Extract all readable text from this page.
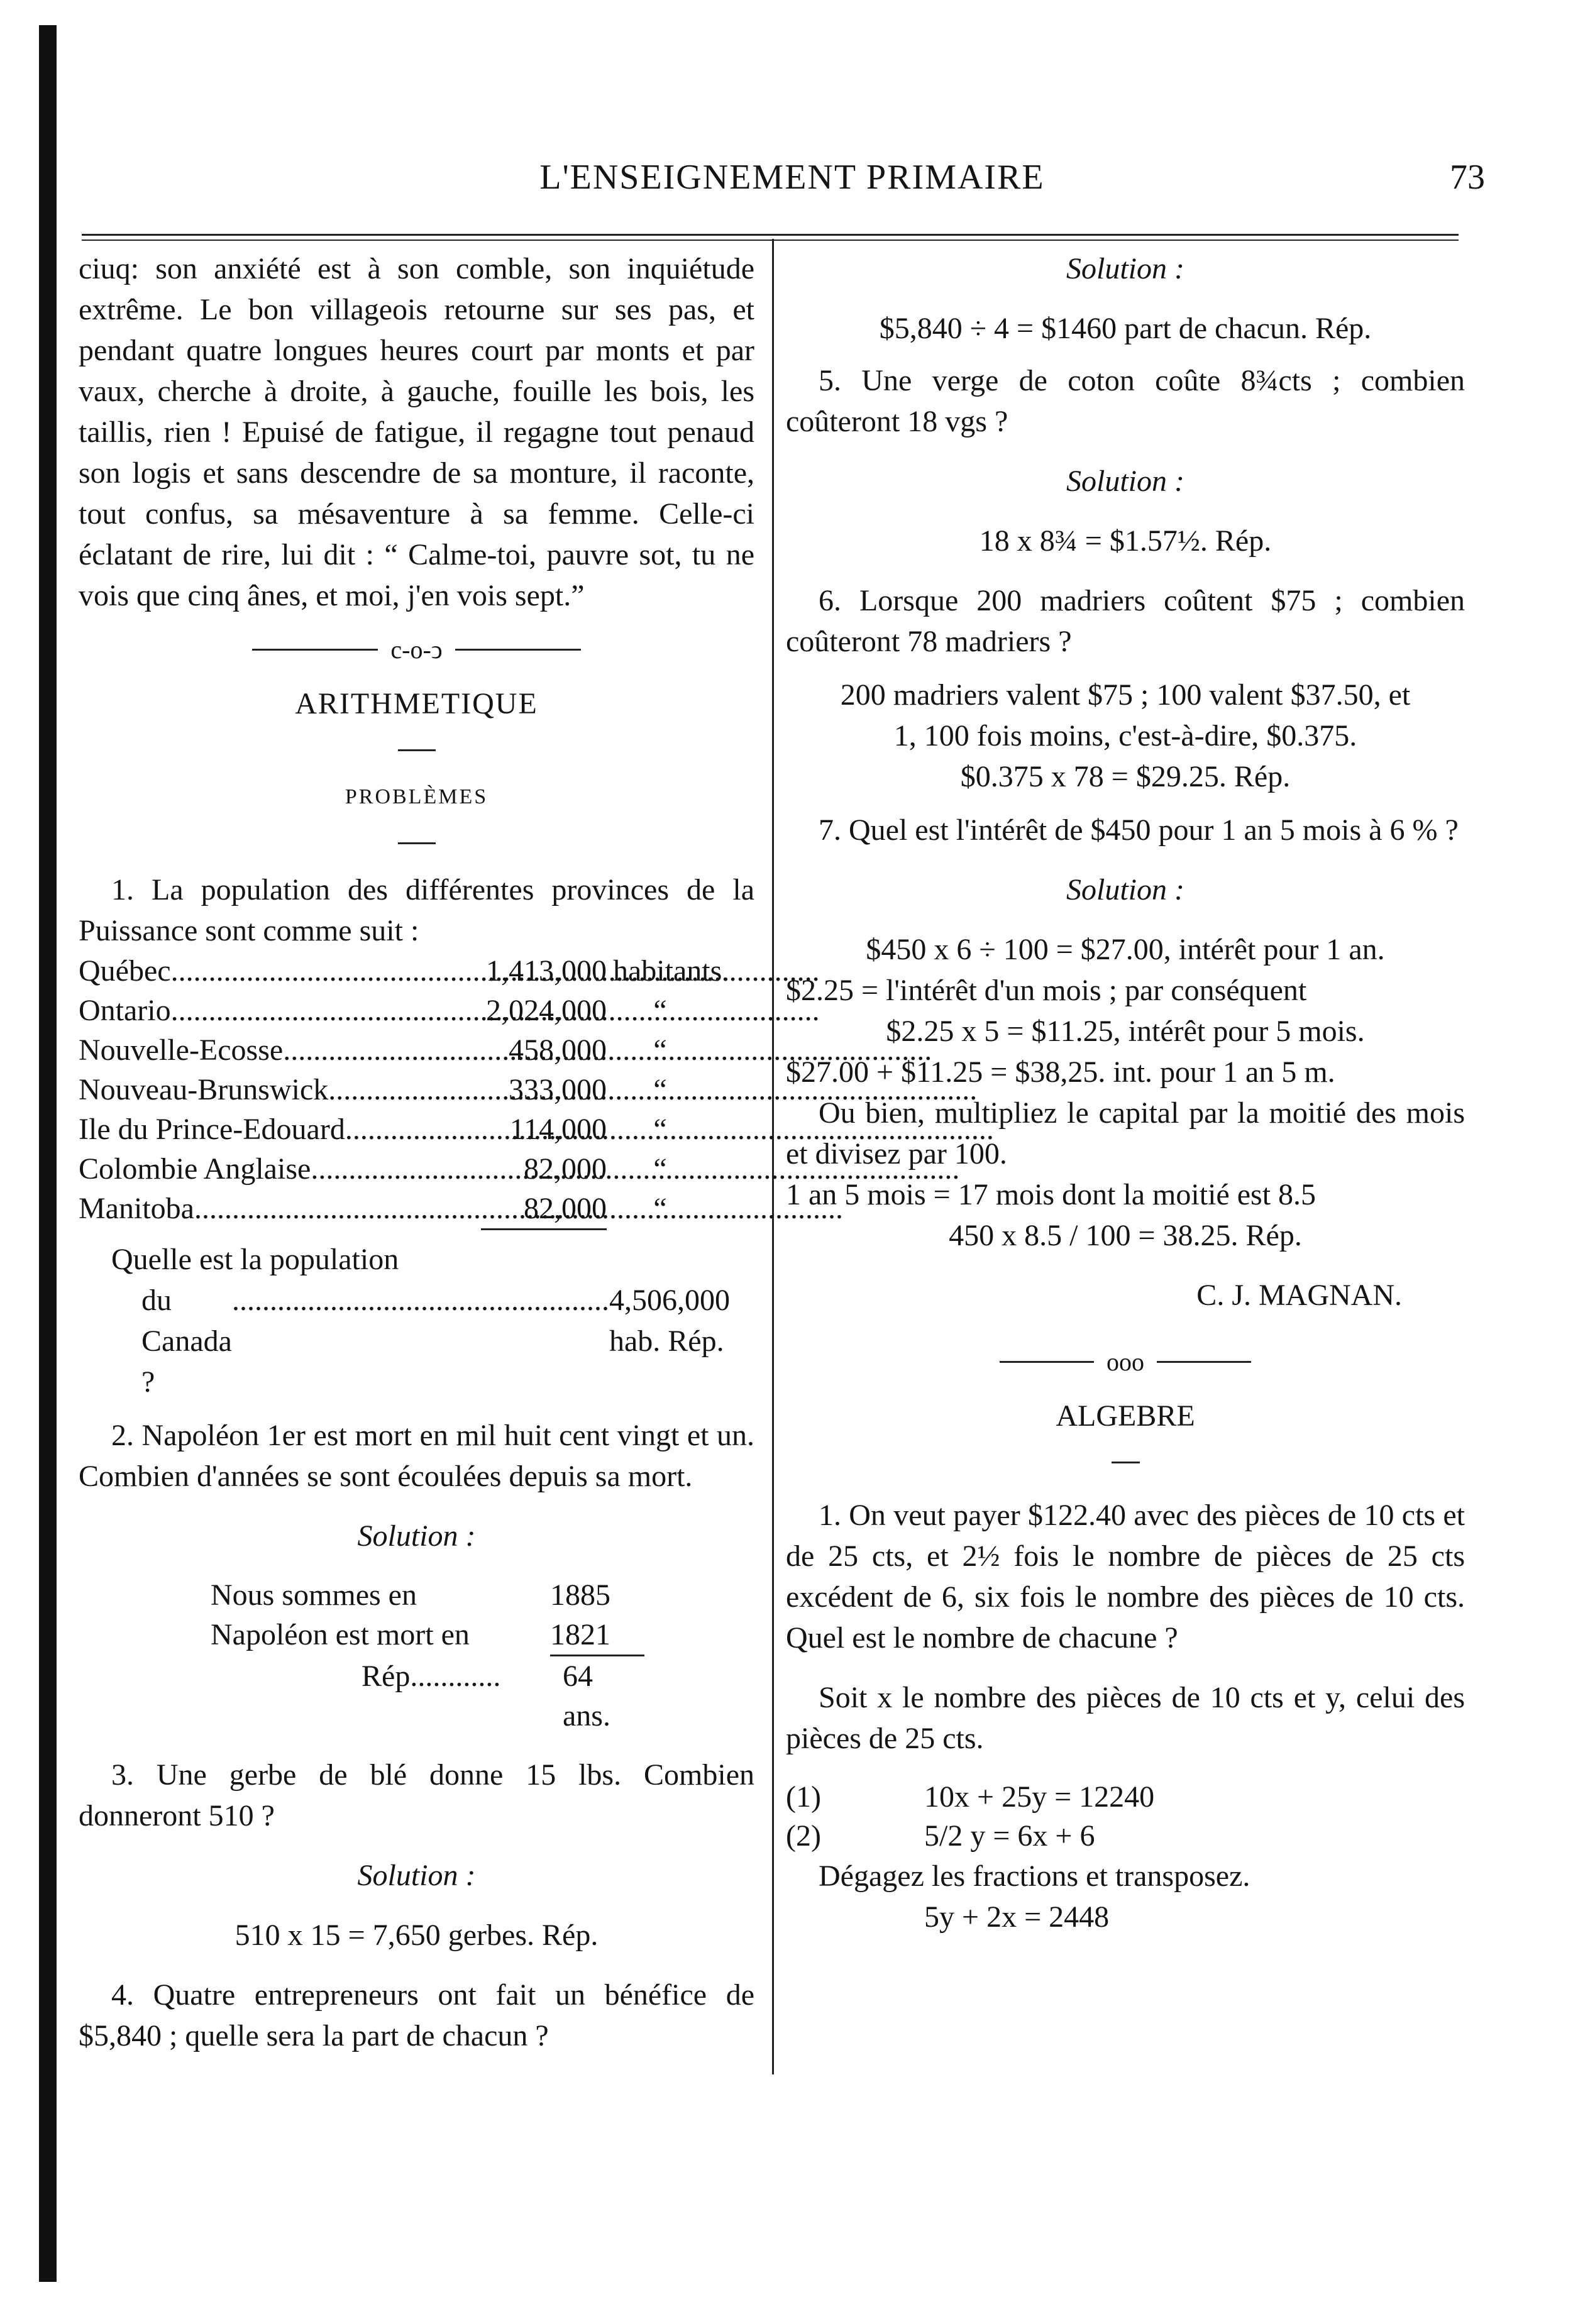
L'ENSEIGNEMENT PRIMAIRE	73

ciuq: son anxiété est à son comble, son inquiétude extrême. Le bon villageois retourne sur ses pas, et pendant quatre longues heures court par monts et par vaux, cherche à droite, à gauche, fouille les bois, les taillis, rien ! Epuisé de fatigue, il regagne tout penaud son logis et sans descendre de sa monture, il raconte, tout confus, sa mésaventure à sa femme. Celle-ci éclatant de rire, lui dit : “ Calme-toi, pauvre sot, tu ne vois que cinq ânes, et moi, j'en vois sept.”

c-o-ↄ

ARITHMETIQUE

PROBLÈMES

1. La population des différentes provinces de la Puissance sont comme suit :

Québec .....	1,413,000 habitants.
Ontario .....	2,024,000	“
Nouvelle-Ecosse .....	458,000	“
Nouveau-Brunswick .....	333,000	“
Ile du Prince-Edouard .....	114,000	“
Colombie Anglaise .....	82,000	“
Manitoba .....	82,000	“

Quelle est la population

du Canada ?
.................................................. 4,506,000 hab. Rép.

2. Napoléon 1er est mort en mil huit cent vingt et un. Combien d'années se sont écoulées depuis sa mort.

Solution :

Nous sommes en	1885
Napoléon est mort en	1821
Rép............	64 ans.

3. Une gerbe de blé donne 15 lbs. Combien donneront 510 ?

Solution :

510 x 15 = 7,650 gerbes. Rép.

4. Quatre entrepreneurs ont fait un bénéfice de $5,840 ; quelle sera la part de chacun ?

Solution :

$5,840 ÷ 4 = $1460 part de chacun. Rép.

5. Une verge de coton coûte 8¾cts ; combien coûteront 18 vgs ?

Solution :

18 x 8¾ = $1.57½. Rép.

6. Lorsque 200 madriers coûtent $75 ; combien coûteront 78 madriers ?

200 madriers valent $75 ; 100 valent $37.50, et

1, 100 fois moins, c'est-à-dire, $0.375.

$0.375 x 78 = $29.25. Rép.

7. Quel est l'intérêt de $450 pour 1 an 5 mois à 6 % ?

Solution :

$450 x 6 ÷ 100 = $27.00, intérêt pour 1 an.

$2.25 = l'intérêt d'un mois ; par conséquent

$2.25 x 5 = $11.25, intérêt pour 5 mois.

$27.00 + $11.25 = $38,25. int. pour 1 an 5 m.

Ou bien, multipliez le capital par la moitié des mois et divisez par 100.

1 an 5 mois = 17 mois dont la moitié est 8.5

450 x 8.5 / 100 = 38.25. Rép.

C. J. MAGNAN.

ooo

ALGEBRE

1. On veut payer $122.40 avec des pièces de 10 cts et de 25 cts, et 2½ fois le nombre de pièces de 25 cts excédent de 6, six fois le nombre des pièces de 10 cts. Quel est le nombre de chacune ?

Soit x le nombre des pièces de 10 cts et y, celui des pièces de 25 cts.

(1)	10x + 25y = 12240
(2)	5/2 y = 6x + 6

Dégagez les fractions et transposez.

5y + 2x = 2448
